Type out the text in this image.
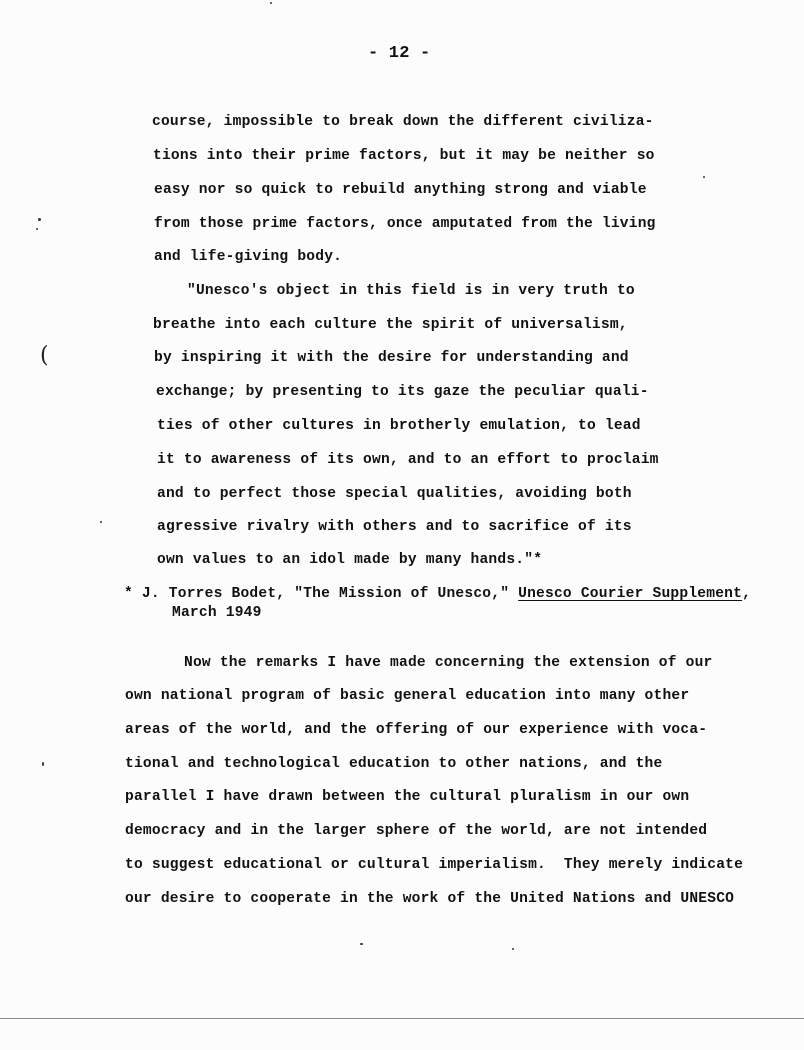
- 12 -
course, impossible to break down the different civiliza-
tions into their prime factors, but it may be neither so
easy nor so quick to rebuild anything strong and viable
from those prime factors, once amputated from the living
and life-giving body.
"Unesco's object in this field is in very truth to
breathe into each culture the spirit of universalism,
by inspiring it with the desire for understanding and
exchange; by presenting to its gaze the peculiar quali-
ties of other cultures in brotherly emulation, to lead
it to awareness of its own, and to an effort to proclaim
and to perfect those special qualities, avoiding both
agressive rivalry with others and to sacrifice of its
own values to an idol made by many hands."*
* J. Torres Bodet, "The Mission of Unesco," Unesco Courier Supplement,
March 1949
Now the remarks I have made concerning the extension of our
own national program of basic general education into many other
areas of the world, and the offering of our experience with voca-
tional and technological education to other nations, and the
parallel I have drawn between the cultural pluralism in our own
democracy and in the larger sphere of the world, are not intended
to suggest educational or cultural imperialism.  They merely indicate
our desire to cooperate in the work of the United Nations and UNESCO
(
